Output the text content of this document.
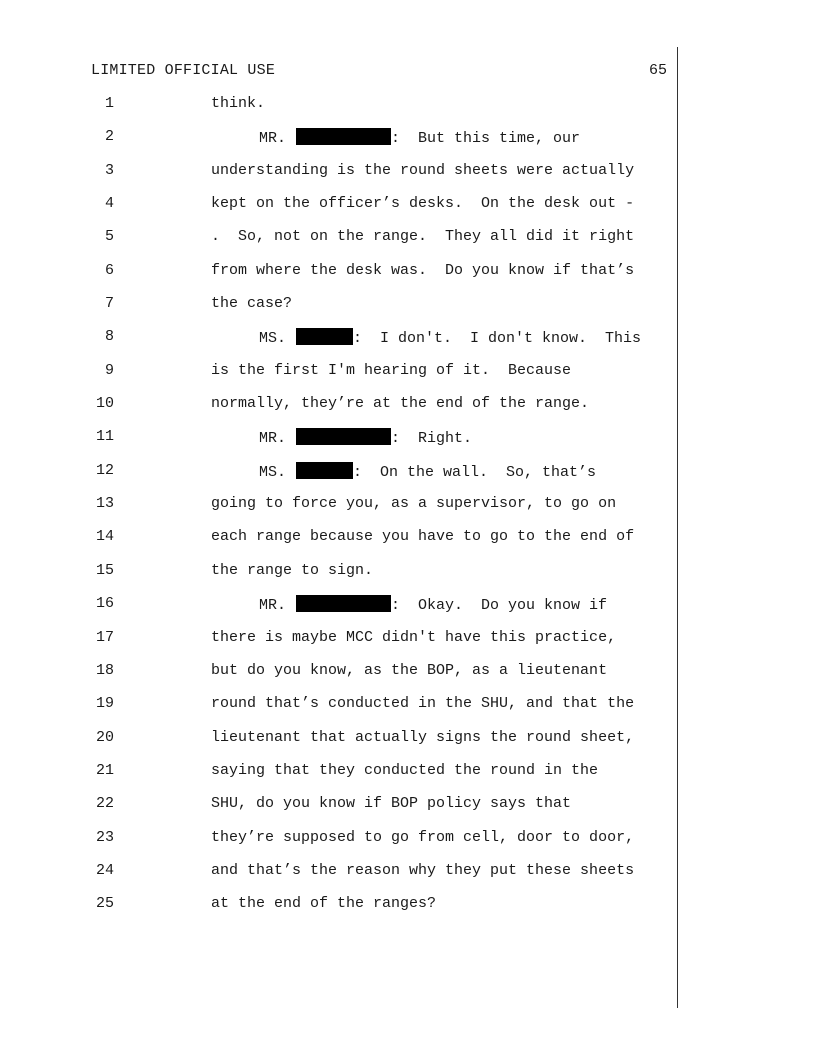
LIMITED OFFICIAL USE	65
1	think.
2	MR.	:  But this time, our
3	understanding is the round sheets were actually
4	kept on the officer’s desks.  On the desk out -
5	.  So, not on the range.  They all did it right
6	from where the desk was.  Do you know if that’s
7	the case?
8	MS.	:  I don't.  I don't know.  This
9	is the first I'm hearing of it.  Because
10	normally, they’re at the end of the range.
11	MR.	:  Right.
12	MS.	:  On the wall.  So, that’s
13	going to force you, as a supervisor, to go on
14	each range because you have to go to the end of
15	the range to sign.
16	MR.	:  Okay.  Do you know if
17	there is maybe MCC didn't have this practice,
18	but do you know, as the BOP, as a lieutenant
19	round that’s conducted in the SHU, and that the
20	lieutenant that actually signs the round sheet,
21	saying that they conducted the round in the
22	SHU, do you know if BOP policy says that
23	they’re supposed to go from cell, door to door,
24	and that’s the reason why they put these sheets
25	at the end of the ranges?
